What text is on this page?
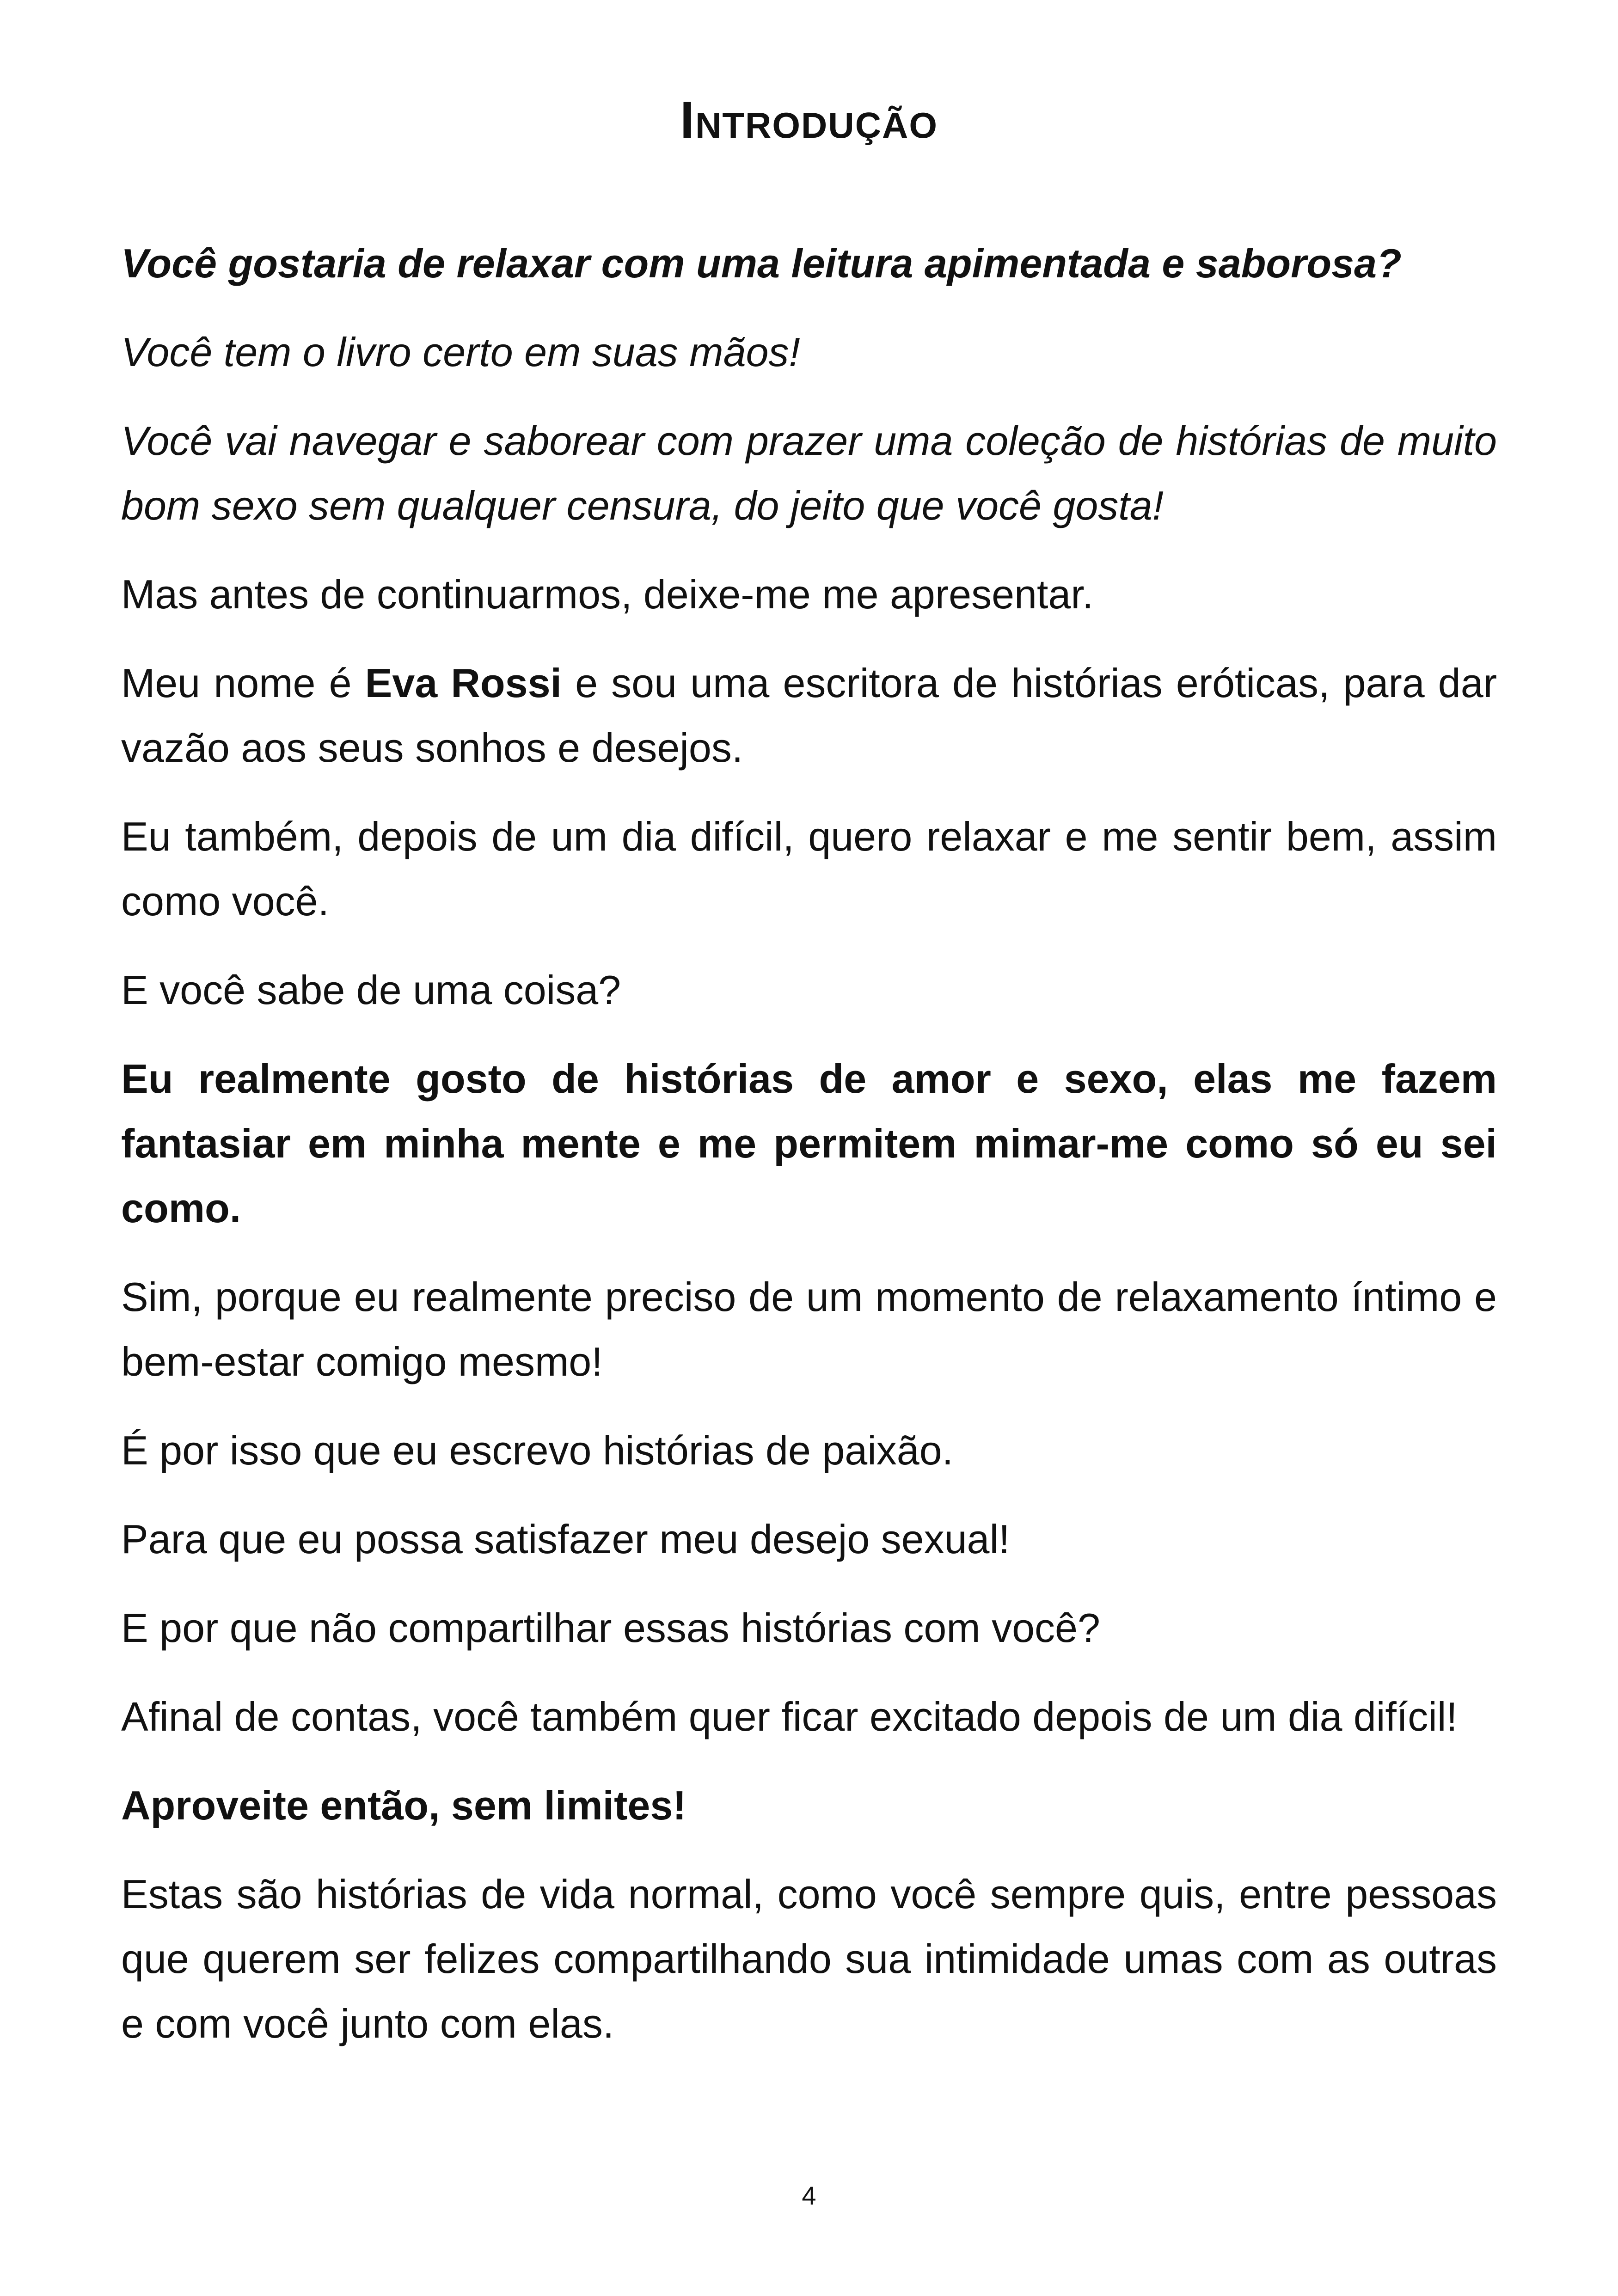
Introdução

Você gostaria de relaxar com uma leitura apimentada e saborosa?

Você tem o livro certo em suas mãos!

Você vai navegar e saborear com prazer uma coleção de histórias de muito bom sexo sem qualquer censura, do jeito que você gosta!

Mas antes de continuarmos, deixe-me me apresentar.

Meu nome é Eva Rossi e sou uma escritora de histórias eróticas, para dar vazão aos seus sonhos e desejos.

Eu também, depois de um dia difícil, quero relaxar e me sentir bem, assim como você.

E você sabe de uma coisa?

Eu realmente gosto de histórias de amor e sexo, elas me fazem fantasiar em minha mente e me permitem mimar-me como só eu sei como.

Sim, porque eu realmente preciso de um momento de relaxamento íntimo e bem-estar comigo mesmo!

É por isso que eu escrevo histórias de paixão.

Para que eu possa satisfazer meu desejo sexual!

E por que não compartilhar essas histórias com você?

Afinal de contas, você também quer ficar excitado depois de um dia difícil!

Aproveite então, sem limites!

Estas são histórias de vida normal, como você sempre quis, entre pessoas que querem ser felizes compartilhando sua intimidade umas com as outras e com você junto com elas.

4
